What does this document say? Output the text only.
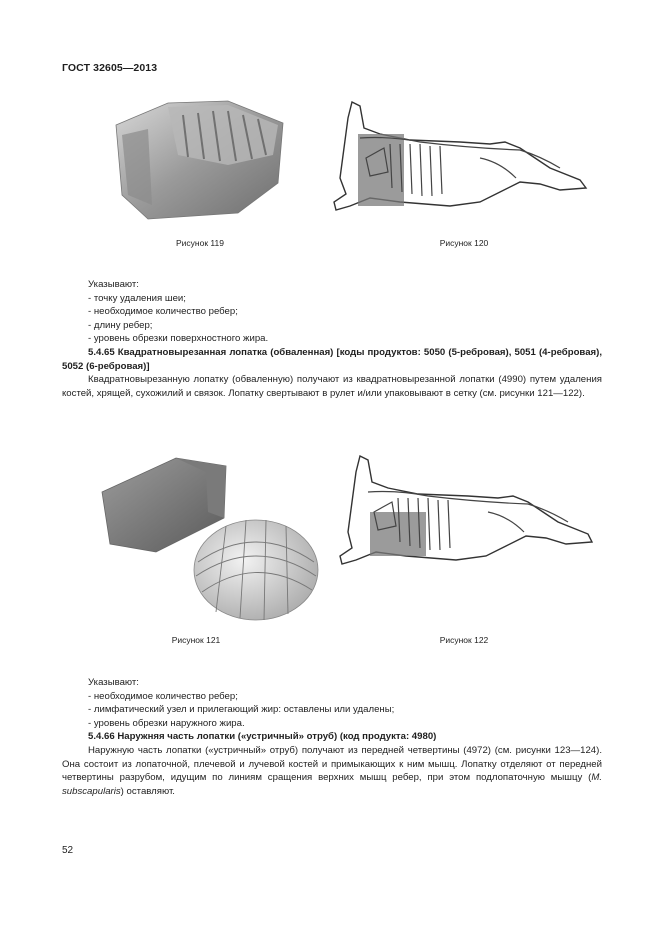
ГОСТ 32605—2013
Рисунок 119	Рисунок 120

Указывают:

- точку удаления шеи;

- необходимое количество ребер;

- длину ребер;

- уровень обрезки поверхностного жира.

5.4.65 Квадратновырезанная лопатка (обваленная) [коды продуктов: 5050 (5-ребровая), 5051 (4-ребровая), 5052 (6-ребровая)]

Квадратновырезанную лопатку (обваленную) получают из квадратновырезанной лопатки (4990) путем удаления костей, хрящей, сухожилий и связок. Лопатку свертывают в рулет и/или упаковывают в сетку (см. рисунки 121—122).

Рисунок 121	Рисунок 122

Указывают:

- необходимое количество ребер;

- лимфатический узел и прилегающий жир: оставлены или удалены;

- уровень обрезки наружного жира.

5.4.66 Наружняя часть лопатки («устричный» отруб) (код продукта: 4980)

Наружную часть лопатки («устричный» отруб) получают из передней четвертины (4972) (см. рисунки 123—124). Она состоит из лопаточной, плечевой и лучевой костей и примыкающих к ним мышц. Лопатку отделяют от передней четвертины разрубом, идущим по линиям сращения верхних мышц ребер, при этом подлопаточную мышцу (M. subscapularis) оставляют.

52
